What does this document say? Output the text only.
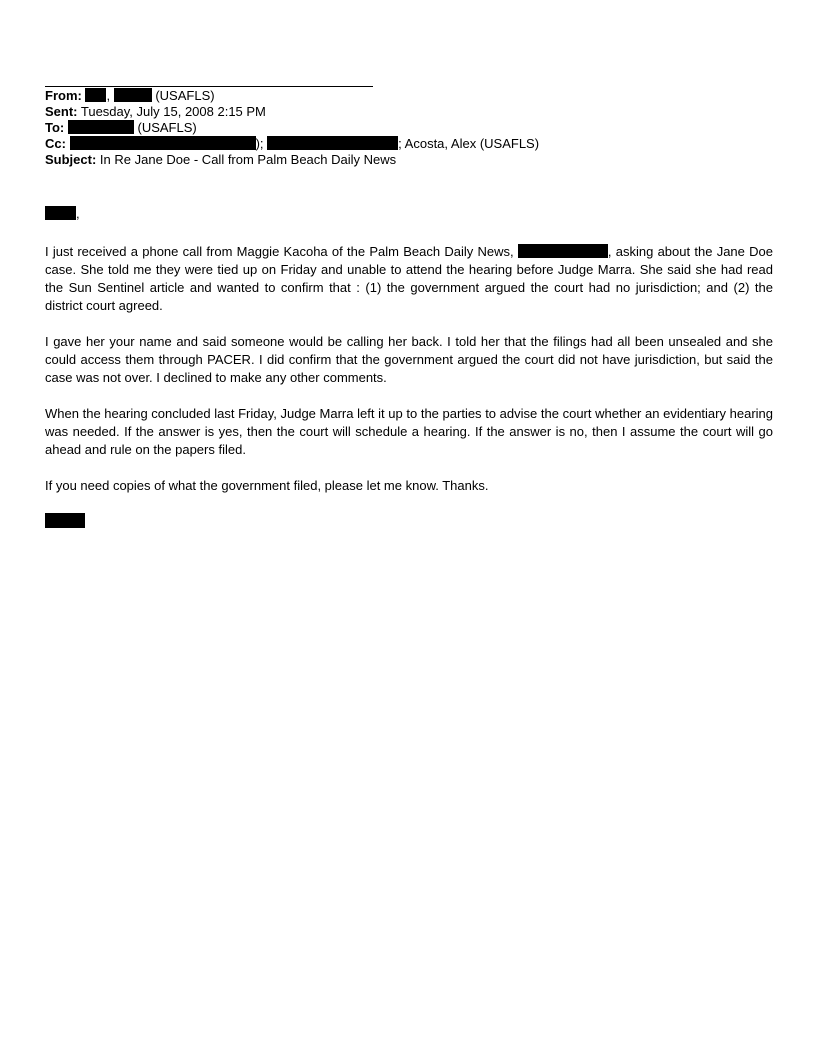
From: ,	(USAFLS)
Sent: Tuesday, July 15, 2008 2:15 PM
To:	(USAFLS)
Cc:	);	; Acosta, Alex (USAFLS)
Subject: In Re Jane Doe - Call from Palm Beach Daily News
,

I just received a phone call from Maggie Kacoha of the Palm Beach Daily News,	, asking about the Jane Doe case. She told me they were tied up on Friday and unable to attend the hearing before Judge Marra. She said she had read the Sun Sentinel article and wanted to confirm that : (1) the government argued the court had no jurisdiction; and (2) the district court agreed.

I gave her your name and said someone would be calling her back. I told her that the filings had all been unsealed and she could access them through PACER. I did confirm that the government argued the court did not have jurisdiction, but said the case was not over. I declined to make any other comments.

When the hearing concluded last Friday, Judge Marra left it up to the parties to advise the court whether an evidentiary hearing was needed. If the answer is yes, then the court will schedule a hearing. If the answer is no, then I assume the court will go ahead and rule on the papers filed.

If you need copies of what the government filed, please let me know. Thanks.
